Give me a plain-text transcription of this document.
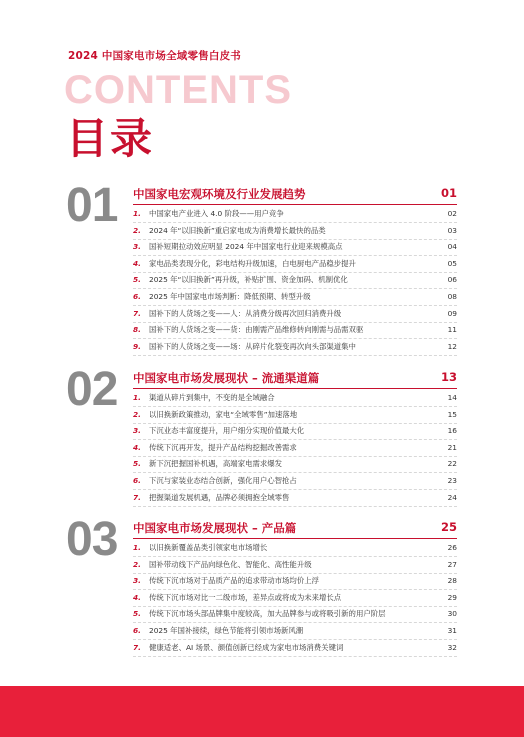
2024 中国家电市场全域零售白皮书
CONTENTS
目录
01 中国家电宏观环境及行业发展趋势	01
1. 中国家电产业进入 4.0 阶段——用户竞争	02
2. 2024 年“以旧换新”重启家电成为消费增长最快的品类	03
3. 国补短期拉动效应明显 2024 年中国家电行业迎来规模高点	04
4. 家电品类表现分化，彩电结构升级加速，白电厨电产品稳步提升	05
5. 2025 年“以旧换新”再升级，补贴扩围、资金加码、机制优化	06
6. 2025 年中国家电市场判断：降低预期、转型升级	08
7. 国补下的人货场之变——人：从消费分级再次回归消费升级	09
8. 国补下的人货场之变——货：由刚需产品维修转向刚需与品需双驱	11
9. 国补下的人货场之变——场：从碎片化裂变再次向头部渠道集中	12
02 中国家电市场发展现状 – 流通渠道篇	13
1. 渠道从碎片到集中，不变的是全域融合	14
2. 以旧换新政策推动，家电“全域零售”加速落地	15
3. 下沉业态丰富度提升，用户细分实现价值最大化	16
4. 传统下沉再开发，提升产品结构挖掘改善需求	21
5. 新下沉把握国补机遇，高端家电需求爆发	22
6. 下沉与家装业态结合创新，强化用户心智抢占	23
7. 把握渠道发展机遇，品牌必须拥抱全域零售	24
03 中国家电市场发展现状 – 产品篇	25
1. 以旧换新覆盖品类引领家电市场增长	26
2. 国补带动线下产品向绿色化、智能化、高性能升级	27
3. 传统下沉市场对于品质产品的追求带动市场均价上浮	28
4. 传统下沉市场对比一二级市场，差异点或将成为未来增长点	29
5. 传统下沉市场头部品牌集中度较高，加大品牌参与或将吸引新的用户阶层	30
6. 2025 年国补接续，绿色节能将引领市场新风潮	31
7. 健康适老、AI 场景、颜值创新已经成为家电市场消费关键词	32
